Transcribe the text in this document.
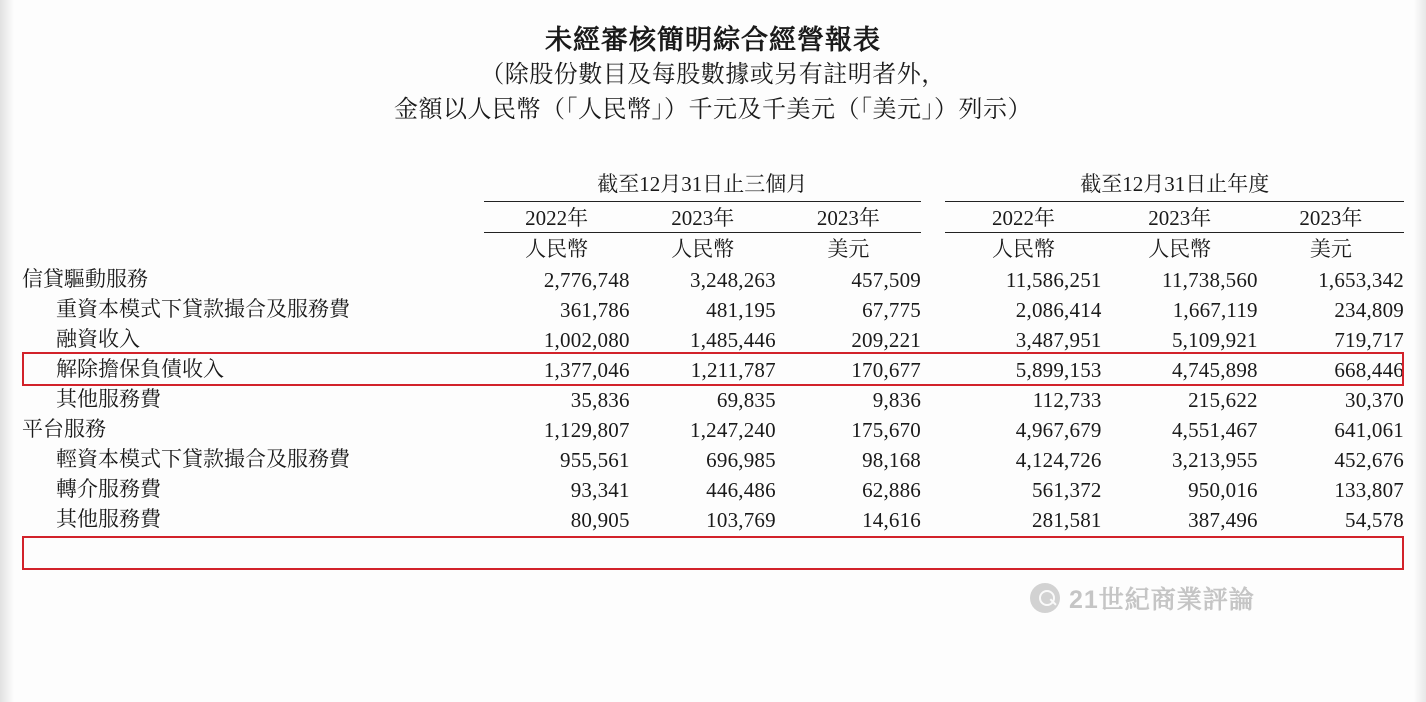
未經審核簡明綜合經營報表
（除股份數目及每股數據或另有註明者外，
金額以人民幣（「人民幣」）千元及千美元（「美元」）列示）

	截至12月31日止三個月				截至12月31日止年度		

	2022年	2023年	2023年		2022年	2023年	2023年
	人民幣	人民幣	美元		人民幣	人民幣	美元
信貸驅動服務	2,776,748	3,248,263	457,509		11,586,251	11,738,560	1,653,342
重資本模式下貸款撮合及服務費	361,786	481,195	67,775		2,086,414	1,667,119	234,809
融資收入	1,002,080	1,485,446	209,221		3,487,951	5,109,921	719,717
解除擔保負債收入	1,377,046	1,211,787	170,677		5,899,153	4,745,898	668,446
其他服務費	35,836	69,835	9,836		112,733	215,622	30,370
平台服務	1,129,807	1,247,240	175,670		4,967,679	4,551,467	641,061
輕資本模式下貸款撮合及服務費	955,561	696,985	98,168		4,124,726	3,213,955	452,676
轉介服務費	93,341	446,486	62,886		561,372	950,016	133,807
其他服務費	80,905	103,769	14,616		281,581	387,496	54,578
21世紀商業評論
